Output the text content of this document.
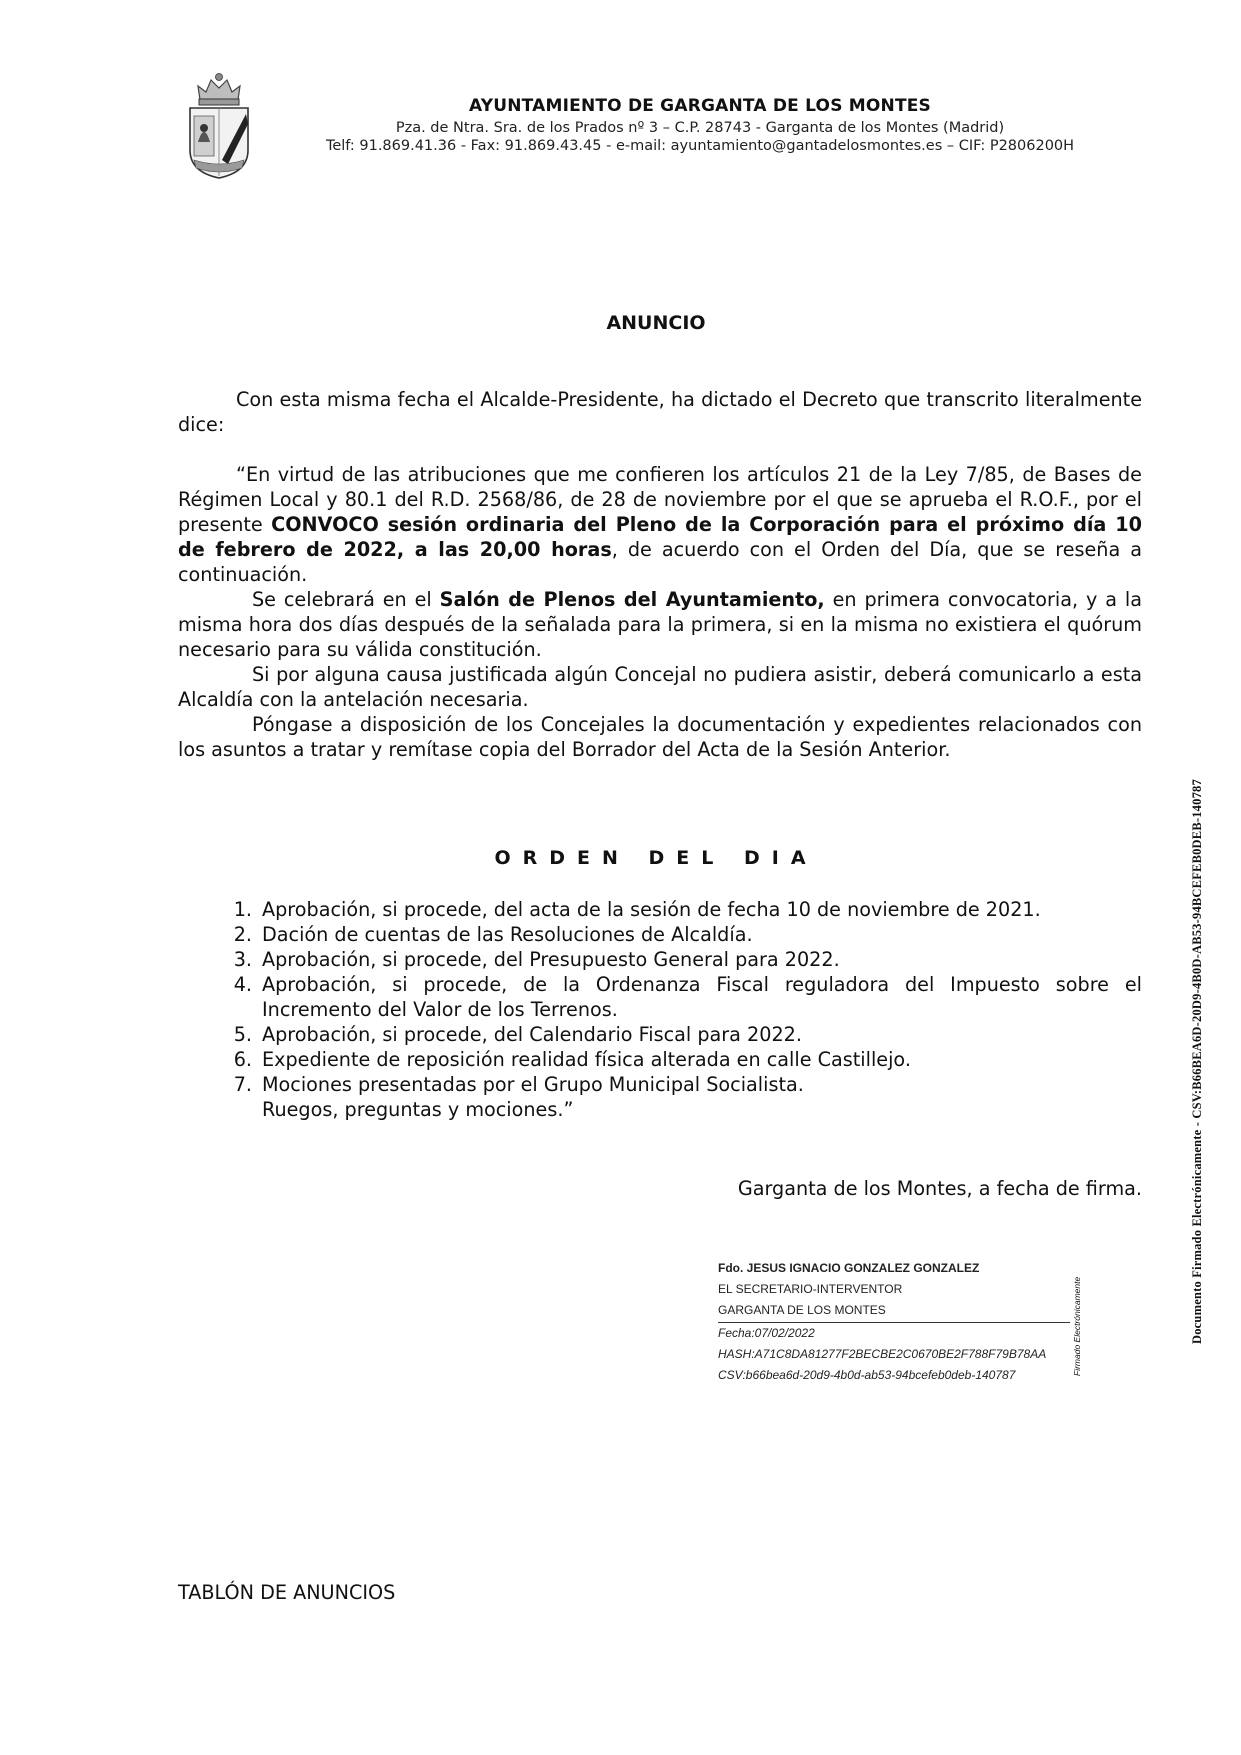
AYUNTAMIENTO DE GARGANTA DE LOS MONTES

Pza. de Ntra. Sra. de los Prados nº 3 – C.P. 28743 - Garganta de los Montes (Madrid)

Telf: 91.869.41.36 - Fax: 91.869.43.45 - e-mail: ayuntamiento@gantadelosmontes.es – CIF: P2806200H

ANUNCIO

Con esta misma fecha el Alcalde-Presidente, ha dictado el Decreto que transcrito literalmente dice:

“En virtud de las atribuciones que me confieren los artículos 21 de la Ley 7/85, de Bases de Régimen Local y 80.1 del R.D. 2568/86, de 28 de noviembre por el que se aprueba el R.O.F., por el presente CONVOCO sesión ordinaria del Pleno de la Corporación para el próximo día 10 de febrero de 2022, a las 20,00 horas, de acuerdo con el Orden del Día, que se reseña a continuación.

Se celebrará en el Salón de Plenos del Ayuntamiento, en primera convocatoria, y a la misma hora dos días después de la señalada para la primera, si en la misma no existiera el quórum necesario para su válida constitución.

Si por alguna causa justificada algún Concejal no pudiera asistir, deberá comunicarlo a esta Alcaldía con la antelación necesaria.

Póngase a disposición de los Concejales la documentación y expedientes relacionados con los asuntos a tratar y remítase copia del Borrador del Acta de la Sesión Anterior.

ORDEN DEL DIA
1. Aprobación, si procede, del acta de la sesión de fecha 10 de noviembre de 2021.
2. Dación de cuentas de las Resoluciones de Alcaldía.
3. Aprobación, si procede, del Presupuesto General para 2022.
4. Aprobación, si procede, de la Ordenanza Fiscal reguladora del Impuesto sobre el Incremento del Valor de los Terrenos.
5. Aprobación, si procede, del Calendario Fiscal para 2022.
6. Expediente de reposición realidad física alterada en calle Castillejo.
7. Mociones presentadas por el Grupo Municipal Socialista.
Ruegos, preguntas y mociones.”
Garganta de los Montes, a fecha de firma.
Fdo. JESUS IGNACIO GONZALEZ GONZALEZ
EL SECRETARIO-INTERVENTOR
GARGANTA DE LOS MONTES
Fecha:07/02/2022
HASH:A71C8DA81277F2BECBE2C0670BE2F788F79B78AA
CSV:b66bea6d-20d9-4b0d-ab53-94bcefeb0deb-140787	Firmado Electrónicamente	Documento Firmado Electrónicamente - CSV:B66BEA6D-20D9-4B0D-AB53-94BCEFEB0DEB-140787
TABLÓN DE ANUNCIOS
